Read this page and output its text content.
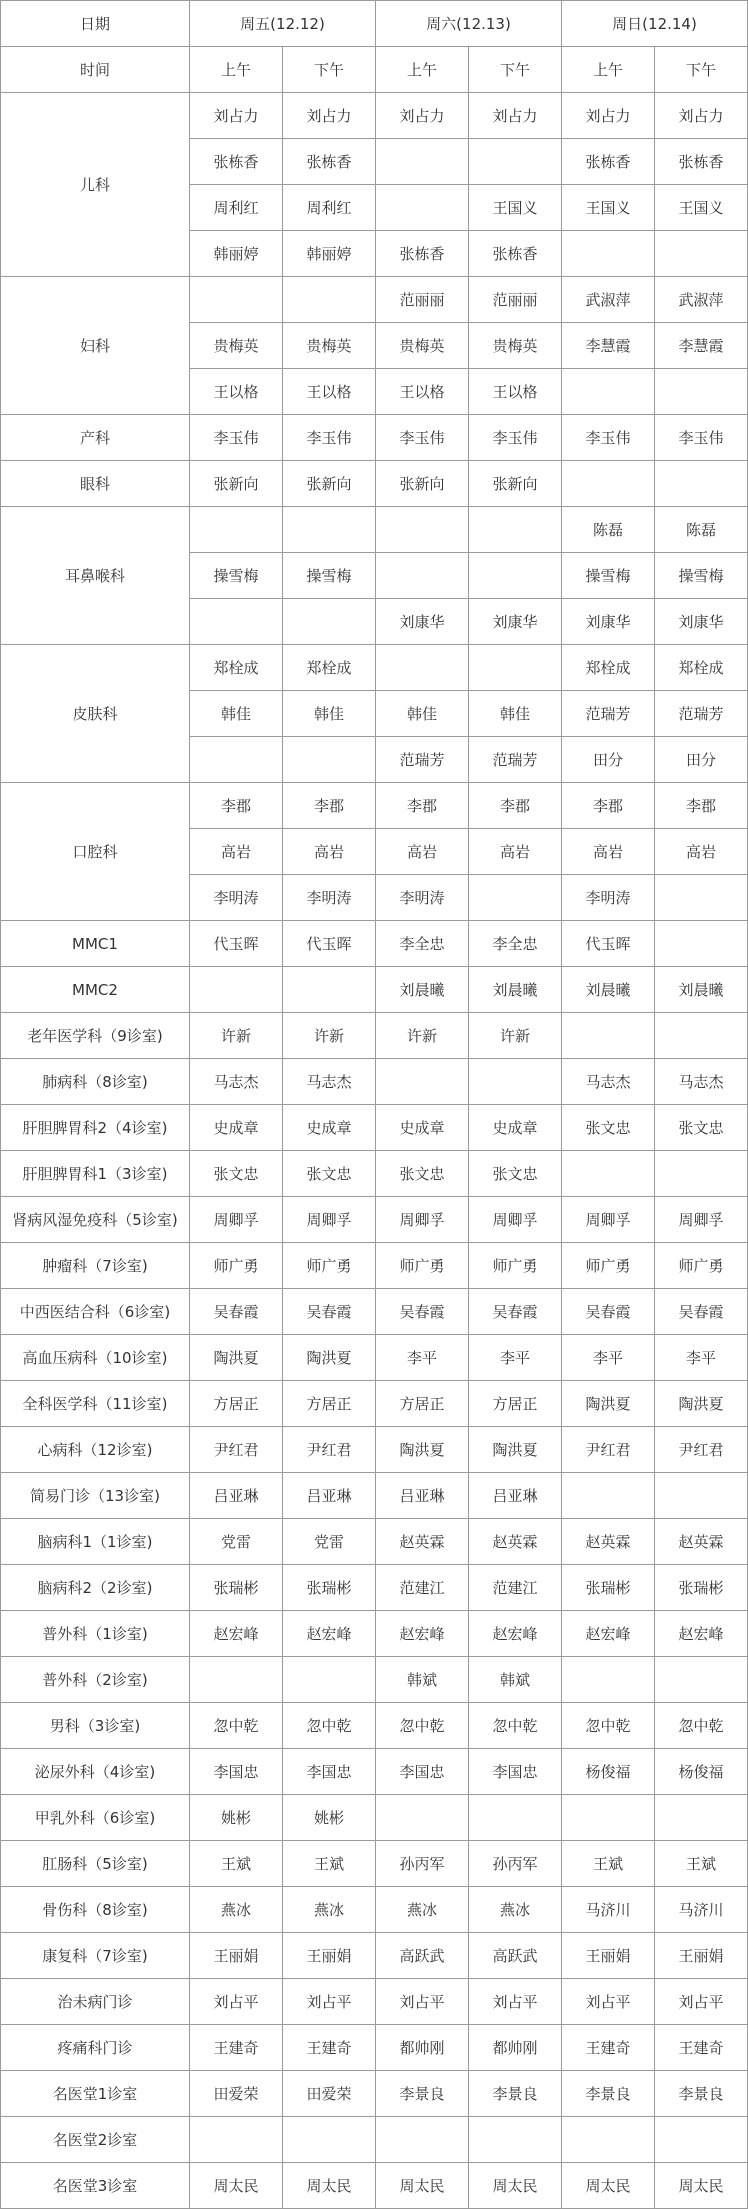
日期	周五(12.12)		周六(12.13)		周日(12.14)	
时间	上午	下午	上午	下午	上午	下午
儿科	刘占力	刘占力	刘占力	刘占力	刘占力	刘占力
	张栋香	张栋香			张栋香	张栋香
	周利红	周利红		王国义	王国义	王国义
	韩丽婷	韩丽婷	张栋香	张栋香		
妇科			范丽丽	范丽丽	武淑萍	武淑萍
	贵梅英	贵梅英	贵梅英	贵梅英	李慧霞	李慧霞
	王以格	王以格	王以格	王以格		
产科	李玉伟	李玉伟	李玉伟	李玉伟	李玉伟	李玉伟
眼科	张新向	张新向	张新向	张新向		
耳鼻喉科					陈磊	陈磊
	操雪梅	操雪梅			操雪梅	操雪梅
			刘康华	刘康华	刘康华	刘康华
皮肤科	郑栓成	郑栓成			郑栓成	郑栓成
	韩佳	韩佳	韩佳	韩佳	范瑞芳	范瑞芳
			范瑞芳	范瑞芳	田分	田分
口腔科	李郡	李郡	李郡	李郡	李郡	李郡
	高岩	高岩	高岩	高岩	高岩	高岩
	李明涛	李明涛	李明涛		李明涛	
MMC1	代玉晖	代玉晖	李全忠	李全忠	代玉晖	
MMC2			刘晨曦	刘晨曦	刘晨曦	刘晨曦
老年医学科（9诊室)	许新	许新	许新	许新		
肺病科（8诊室)	马志杰	马志杰			马志杰	马志杰
肝胆脾胃科2（4诊室)	史成章	史成章	史成章	史成章	张文忠	张文忠
肝胆脾胃科1（3诊室)	张文忠	张文忠	张文忠	张文忠		
肾病风湿免疫科（5诊室)	周卿孚	周卿孚	周卿孚	周卿孚	周卿孚	周卿孚
肿瘤科（7诊室)	师广勇	师广勇	师广勇	师广勇	师广勇	师广勇
中西医结合科（6诊室)	吴春霞	吴春霞	吴春霞	吴春霞	吴春霞	吴春霞
高血压病科（10诊室)	陶洪夏	陶洪夏	李平	李平	李平	李平
全科医学科（11诊室)	方居正	方居正	方居正	方居正	陶洪夏	陶洪夏
心病科（12诊室)	尹红君	尹红君	陶洪夏	陶洪夏	尹红君	尹红君
简易门诊（13诊室)	吕亚琳	吕亚琳	吕亚琳	吕亚琳		
脑病科1（1诊室)	党雷	党雷	赵英霖	赵英霖	赵英霖	赵英霖
脑病科2（2诊室)	张瑞彬	张瑞彬	范建江	范建江	张瑞彬	张瑞彬
普外科（1诊室)	赵宏峰	赵宏峰	赵宏峰	赵宏峰	赵宏峰	赵宏峰
普外科（2诊室)			韩斌	韩斌		
男科（3诊室)	忽中乾	忽中乾	忽中乾	忽中乾	忽中乾	忽中乾
泌尿外科（4诊室)	李国忠	李国忠	李国忠	李国忠	杨俊福	杨俊福
甲乳外科（6诊室)	姚彬	姚彬				
肛肠科（5诊室)	王斌	王斌	孙丙军	孙丙军	王斌	王斌
骨伤科（8诊室)	燕冰	燕冰	燕冰	燕冰	马济川	马济川
康复科（7诊室)	王丽娟	王丽娟	高跃武	高跃武	王丽娟	王丽娟
治未病门诊	刘占平	刘占平	刘占平	刘占平	刘占平	刘占平
疼痛科门诊	王建奇	王建奇	都帅刚	都帅刚	王建奇	王建奇
名医堂1诊室	田爱荣	田爱荣	李景良	李景良	李景良	李景良
名医堂2诊室						
名医堂3诊室	周太民	周太民	周太民	周太民	周太民	周太民
